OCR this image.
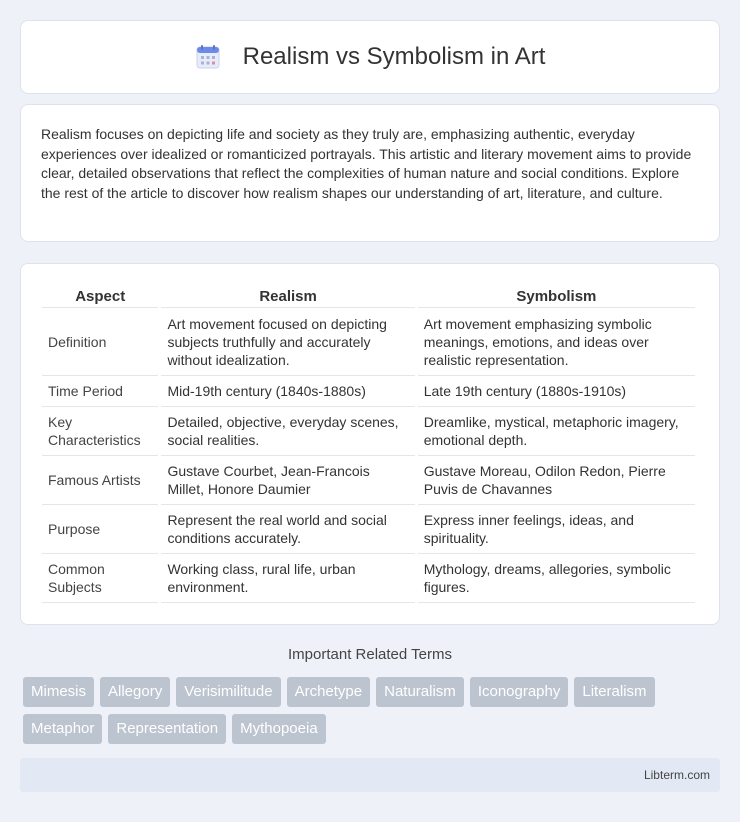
Realism vs Symbolism in Art

Realism focuses on depicting life and society as they truly are, emphasizing authentic, everyday experiences over idealized or romanticized portrayals. This artistic and literary movement aims to provide clear, detailed observations that reflect the complexities of human nature and social conditions. Explore the rest of the article to discover how realism shapes our understanding of art, literature, and culture.

Aspect	Realism	Symbolism
Definition	Art movement focused on depicting subjects truthfully and accurately without idealization.	Art movement emphasizing symbolic meanings, emotions, and ideas over realistic representation.
Time Period	Mid-19th century (1840s-1880s)	Late 19th century (1880s-1910s)
Key Characteristics	Detailed, objective, everyday scenes, social realities.	Dreamlike, mystical, metaphoric imagery, emotional depth.
Famous Artists	Gustave Courbet, Jean-Francois Millet, Honore Daumier	Gustave Moreau, Odilon Redon, Pierre Puvis de Chavannes
Purpose	Represent the real world and social conditions accurately.	Express inner feelings, ideas, and spirituality.
Common Subjects	Working class, rural life, urban environment.	Mythology, dreams, allegories, symbolic figures.
Important Related Terms
Mimesis	Allegory	Verisimilitude	Archetype	Naturalism	Iconography	Literalism
Metaphor	Representation	Mythopoeia
Libterm.com
